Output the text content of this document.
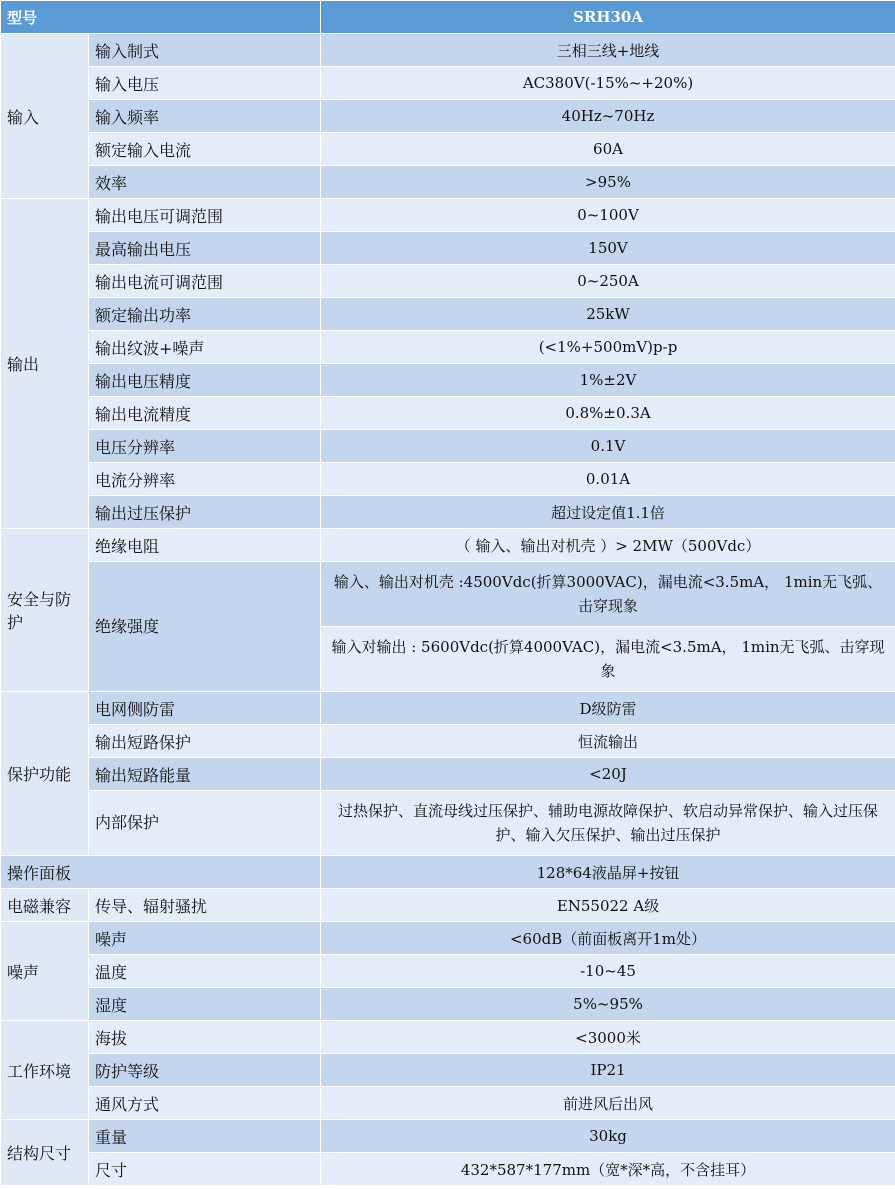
型号		SRH30A
输入	输入制式	三相三线+地线
	输入电压	AC380V(-15%~+20%)
	输入频率	40Hz~70Hz
	额定输入电流	60A
	效率	>95%
输出	输出电压可调范围	0~100V
	最高输出电压	150V
	输出电流可调范围	0~250A
	额定输出功率	25kW
	输出纹波+噪声	(<1%+500mV)p-p
	输出电压精度	1%±2V
	输出电流精度	0.8%±0.3A
	电压分辨率	0.1V
	电流分辨率	0.01A
	输出过压保护	超过设定值1.1倍
安全与防护	绝缘电阻	（ 输入、输出对机壳 ）> 2MW（500Vdc）
	绝缘强度	输入、输出对机壳 :4500Vdc(折算3000VAC)，漏电流<3.5mA， 1min无飞弧、击穿现象
		输入对输出 : 5600Vdc(折算4000VAC)，漏电流<3.5mA， 1min无飞弧、击穿现象
保护功能	电网侧防雷	D级防雷
	输出短路保护	恒流输出
	输出短路能量	<20J
	内部保护	过热保护、直流母线过压保护、辅助电源故障保护、软启动异常保护、输入过压保护、输入欠压保护、输出过压保护
操作面板		128*64液晶屏+按钮
电磁兼容	传导、辐射骚扰	EN55022 A级
噪声	噪声	<60dB（前面板离开1m处）
	温度	-10~45
	湿度	5%~95%
工作环境	海拔	<3000米
	防护等级	IP21
	通风方式	前进风后出风
结构尺寸	重量	30kg
	尺寸	432*587*177mm（宽*深*高，不含挂耳）
